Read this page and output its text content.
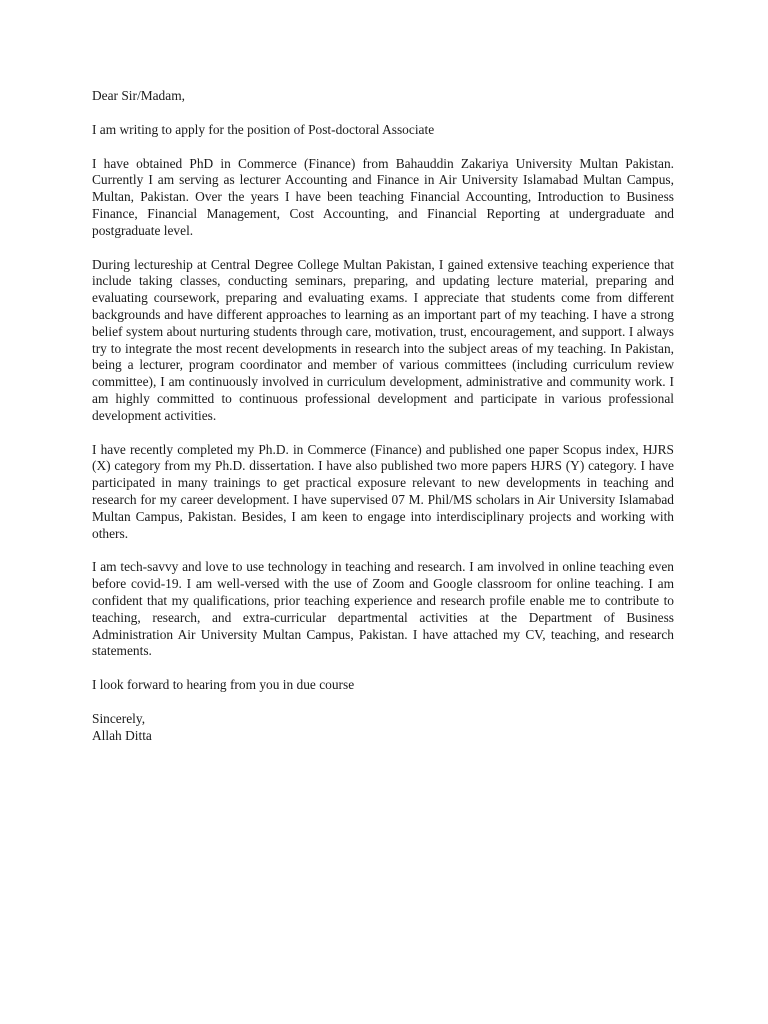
Dear Sir/Madam,

I am writing to apply for the position of Post-doctoral Associate

I have obtained PhD in Commerce (Finance) from Bahauddin Zakariya University Multan Pakistan. Currently I am serving as lecturer Accounting and Finance in Air University Islamabad Multan Campus, Multan, Pakistan. Over the years I have been teaching Financial Accounting, Introduction to Business Finance, Financial Management, Cost Accounting, and Financial Reporting at undergraduate and postgraduate level.

During lectureship at Central Degree College Multan Pakistan, I gained extensive teaching experience that include taking classes, conducting seminars, preparing, and updating lecture material, preparing and evaluating coursework, preparing and evaluating exams. I appreciate that students come from different backgrounds and have different approaches to learning as an important part of my teaching. I have a strong belief system about nurturing students through care, motivation, trust, encouragement, and support. I always try to integrate the most recent developments in research into the subject areas of my teaching. In Pakistan, being a lecturer, program coordinator and member of various committees (including curriculum review committee), I am continuously involved in curriculum development, administrative and community work. I am highly committed to continuous professional development and participate in various professional development activities.

I have recently completed my Ph.D. in Commerce (Finance) and published one paper Scopus index, HJRS (X) category from my Ph.D. dissertation. I have also published two more papers HJRS (Y) category. I have participated in many trainings to get practical exposure relevant to new developments in teaching and research for my career development. I have supervised 07 M. Phil/MS scholars in Air University Islamabad Multan Campus, Pakistan. Besides, I am keen to engage into interdisciplinary projects and working with others.

I am tech-savvy and love to use technology in teaching and research. I am involved in online teaching even before covid-19. I am well-versed with the use of Zoom and Google classroom for online teaching. I am confident that my qualifications, prior teaching experience and research profile enable me to contribute to teaching, research, and extra-curricular departmental activities at the Department of Business Administration Air University Multan Campus, Pakistan. I have attached my CV, teaching, and research statements.

I look forward to hearing from you in due course

Sincerely,

Allah Ditta
